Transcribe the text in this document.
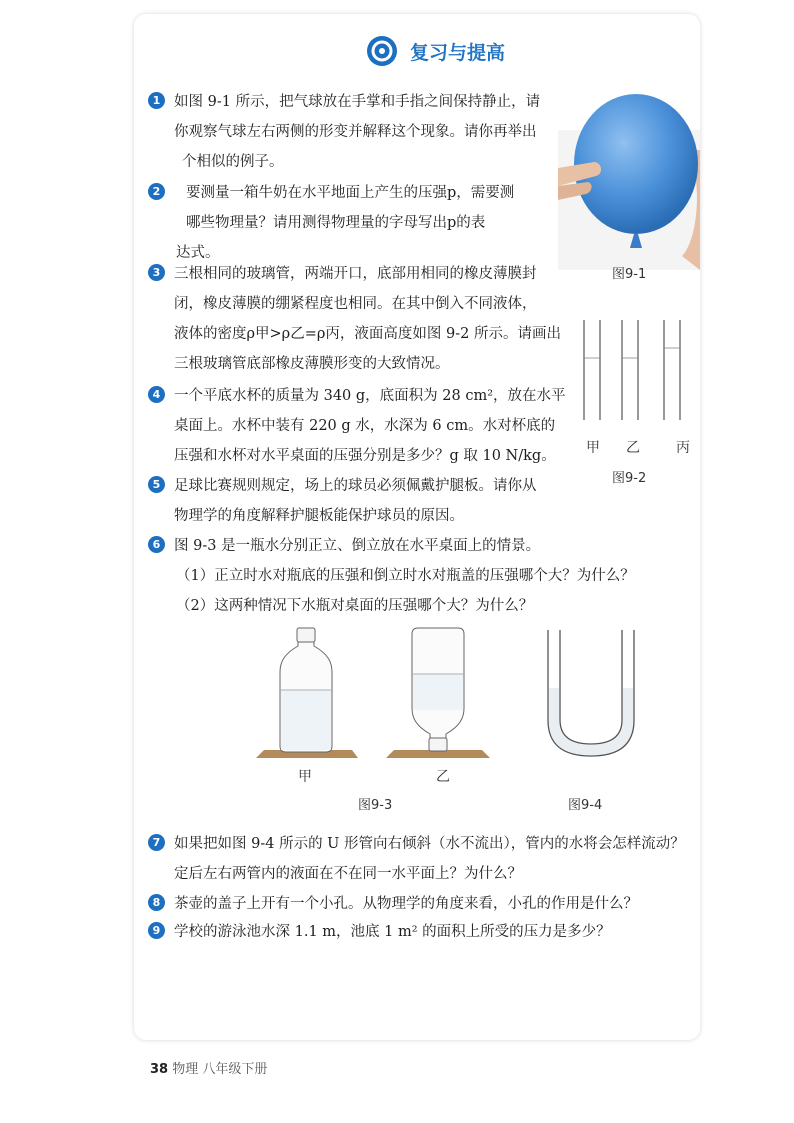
复习与提高
1 如图 9-1 所示，把气球放在手掌和手指之间保持静止，请
你观察气球左右两侧的形变并解释这个现象。请你再举出
个相似的例子。
2	要测量一箱牛奶在水平地面上产生的压强p，需要测
哪些物理量？请用测得物理量的字母写出p的表
达式。
图9-1
3 三根相同的玻璃管，两端开口，底部用相同的橡皮薄膜封
闭，橡皮薄膜的绷紧程度也相同。在其中倒入不同液体，
液体的密度ρ甲>ρ乙=ρ丙，液面高度如图 9-2 所示。请画出
三根玻璃管底部橡皮薄膜形变的大致情况。
甲 乙	丙
图9-2
4 一个平底水杯的质量为 340 g，底面积为 28 cm²，放在水平
桌面上。水杯中装有 220 g 水，水深为 6 cm。水对杯底的
压强和水杯对水平桌面的压强分别是多少？g 取 10 N/kg。
5 足球比赛规则规定，场上的球员必须佩戴护腿板。请你从
物理学的角度解释护腿板能保护球员的原因。
6 图 9-3 是一瓶水分别正立、倒立放在水平桌面上的情景。
（1）正立时水对瓶底的压强和倒立时水对瓶盖的压强哪个大？为什么？
（2）这两种情况下水瓶对桌面的压强哪个大？为什么？
甲	乙
图9-3	图9-4
7 如果把如图 9-4 所示的 U 形管向右倾斜（水不流出），管内的水将会怎样流动？
定后左右两管内的液面在不在同一水平面上？为什么？
8 茶壶的盖子上开有一个小孔。从物理学的角度来看，小孔的作用是什么？
9 学校的游泳池水深 1.1 m，池底 1 m² 的面积上所受的压力是多少？
38 物理 八年级下册
